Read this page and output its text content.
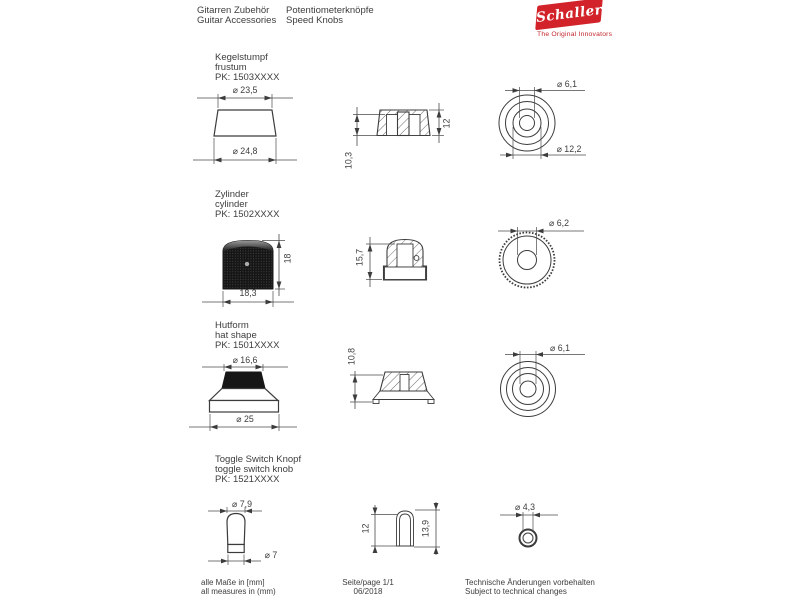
Gitarren Zubehör
Guitar Accessories
Potentiometerknöpfe
Speed Knobs	Schaller
The Original Innovators
Kegelstumpf
frustum
PK: 1503XXXX
Zylinder
cylinder
PK: 1502XXXX
Hutform
hat shape
PK: 1501XXXX
Toggle Switch Knopf
toggle switch knob
PK: 1521XXXX
⌀ 23,5
⌀ 24,8
10,3
12
⌀ 6,1
⌀ 12,2
18
18,3
15,7
⌀ 6,2
⌀ 16,6
⌀ 25
10,8	⌀ 6,1
⌀ 7,9
⌀ 7
12	13,9
⌀ 4,3
alle Maße in [mm]
all measures in (mm)
Seite/page 1/1
06/2018
Technische Änderungen vorbehalten
Subject to technical changes
